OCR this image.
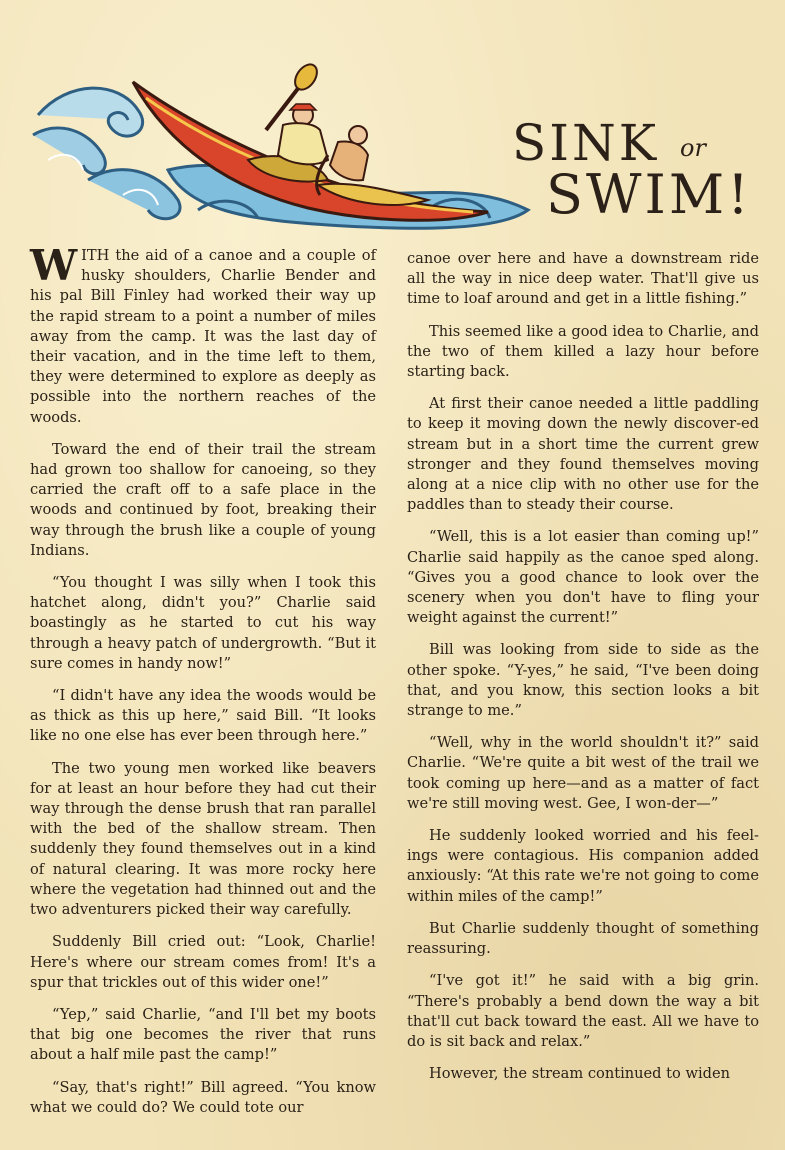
SINK or
SWIM!

WITH the aid of a canoe and a couple of husky shoulders, Charlie Bender and his pal Bill Finley had worked their way up the rapid stream to a point a number of miles away from the camp. It was the last day of their vacation, and in the time left to them, they were determined to explore as deeply as possible into the northern reaches of the woods.

Toward the end of their trail the stream had grown too shallow for canoeing, so they carried the craft off to a safe place in the woods and continued by foot, breaking their way through the brush like a couple of young Indians.

“You thought I was silly when I took this hatchet along, didn't you?” Charlie said boastingly as he started to cut his way through a heavy patch of undergrowth. “But it sure comes in handy now!”

“I didn't have any idea the woods would be as thick as this up here,” said Bill. “It looks like no one else has ever been through here.”

The two young men worked like beavers for at least an hour before they had cut their way through the dense brush that ran parallel with the bed of the shallow stream. Then suddenly they found themselves out in a kind of natural clearing. It was more rocky here where the vegetation had thinned out and the two adventurers picked their way carefully.

Suddenly Bill cried out: “Look, Charlie! Here's where our stream comes from! It's a spur that trickles out of this wider one!”

“Yep,” said Charlie, “and I'll bet my boots that big one becomes the river that runs about a half mile past the camp!”

“Say, that's right!” Bill agreed. “You know what we could do? We could tote our

canoe over here and have a downstream ride all the way in nice deep water. That'll give us time to loaf around and get in a little fishing.”

This seemed like a good idea to Charlie, and the two of them killed a lazy hour before starting back.

At first their canoe needed a little paddling to keep it moving down the newly discover-ed stream but in a short time the current grew stronger and they found themselves moving along at a nice clip with no other use for the paddles than to steady their course.

“Well, this is a lot easier than coming up!” Charlie said happily as the canoe sped along. “Gives you a good chance to look over the scenery when you don't have to fling your weight against the current!”

Bill was looking from side to side as the other spoke. “Y-yes,” he said, “I've been doing that, and you know, this section looks a bit strange to me.”

“Well, why in the world shouldn't it?” said Charlie. “We're quite a bit west of the trail we took coming up here—and as a matter of fact we're still moving west. Gee, I won-der—”

He suddenly looked worried and his feel-ings were contagious. His companion added anxiously: “At this rate we're not going to come within miles of the camp!”

But Charlie suddenly thought of something reassuring.

“I've got it!” he said with a big grin. “There's probably a bend down the way a bit that'll cut back toward the east. All we have to do is sit back and relax.”

However, the stream continued to widen
